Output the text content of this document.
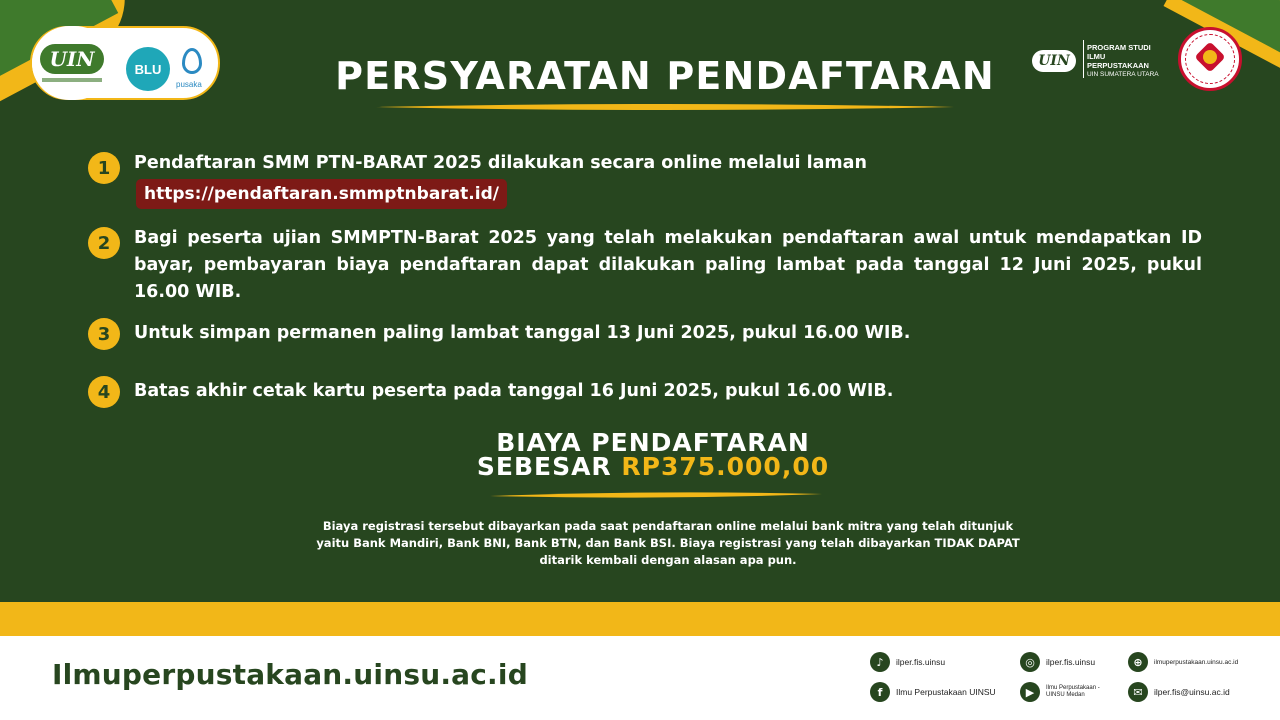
UIN	BLU
pusaka
UIN
PROGRAM STUDI
ILMU
PERPUSTAKAAN
UIN SUMATERA UTARA
PERSYARATAN PENDAFTARAN
1	Pendaftaran SMM PTN-BARAT 2025 dilakukan secara online melalui laman
https://pendaftaran.smmptnbarat.id/
2	Bagi peserta ujian SMMPTN-Barat 2025 yang telah melakukan pendaftaran awal untuk mendapatkan ID bayar, pembayaran biaya pendaftaran dapat dilakukan paling lambat pada tanggal 12 Juni 2025, pukul 16.00 WIB.
3	Untuk simpan permanen paling lambat tanggal 13 Juni 2025, pukul 16.00 WIB.
4	Batas akhir cetak kartu peserta pada tanggal 16 Juni 2025, pukul 16.00 WIB.
BIAYA PENDAFTARAN
SEBESAR RP375.000,00
Biaya registrasi tersebut dibayarkan pada saat pendaftaran online melalui bank mitra yang telah ditunjuk yaitu Bank Mandiri, Bank BNI, Bank BTN, dan Bank BSI. Biaya registrasi yang telah dibayarkan TIDAK DAPAT ditarik kembali dengan alasan apa pun.
Ilmuperpustakaan.uinsu.ac.id	♪	ilper.fis.uinsu	◎	ilper.fis.uinsu	⊕	ilmuperpustakaan.uinsu.ac.id
f	Ilmu Perpustakaan UINSU	▶	Ilmu Perpustakaan - UINSU Medan	✉	ilper.fis@uinsu.ac.id
